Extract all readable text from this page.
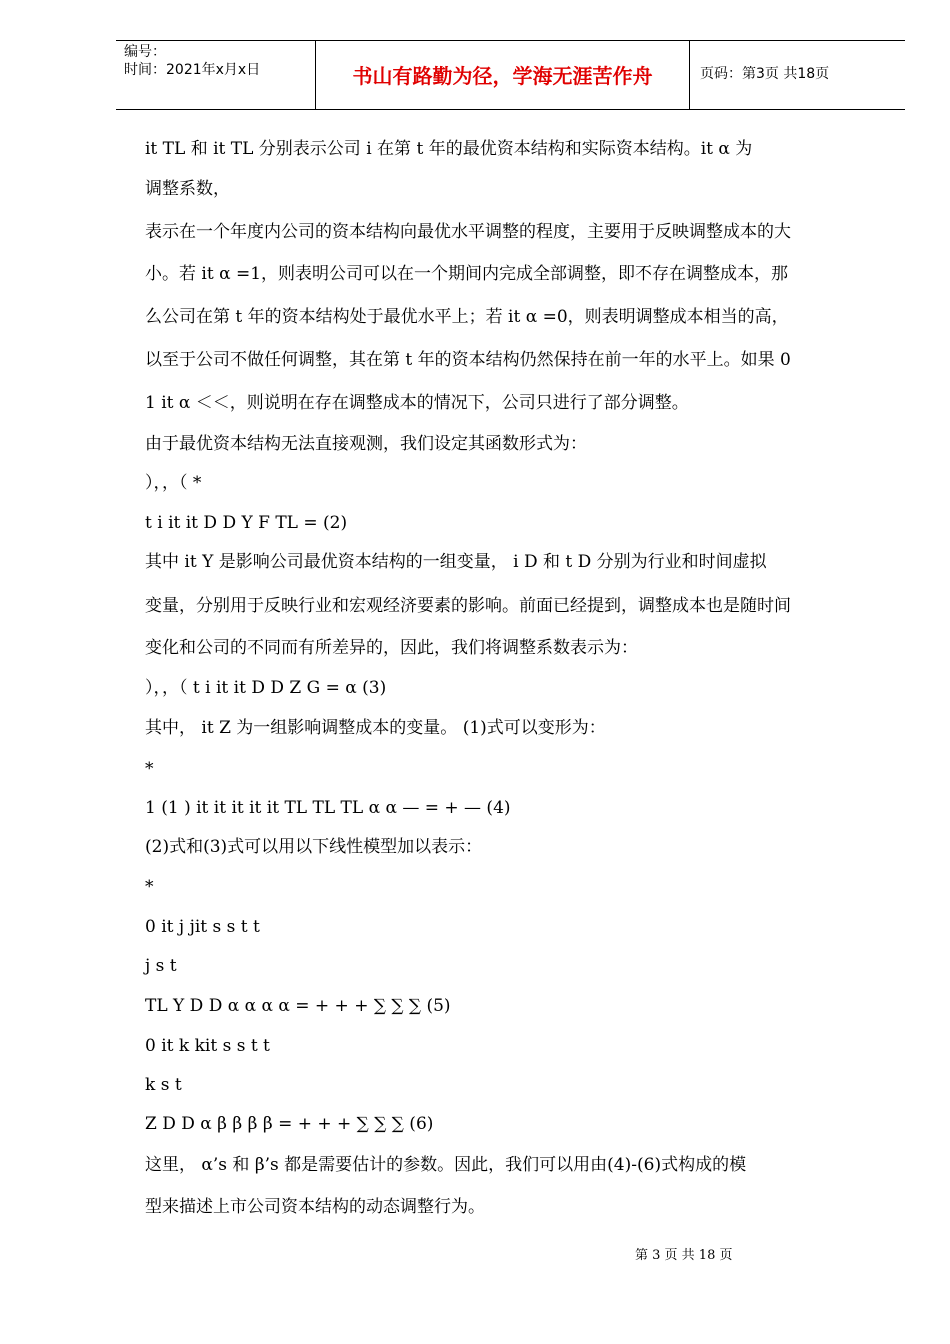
编号：
时间：2021年x月x日	书山有路勤为径，学海无涯苦作舟	页码：第3页 共18页
it TL 和 it TL 分别表示公司 i 在第 t 年的最优资本结构和实际资本结构。it α 为
调整系数，
表示在一个年度内公司的资本结构向最优水平调整的程度，主要用于反映调整成本的大
小。若 it α =1，则表明公司可以在一个期间内完成全部调整，即不存在调整成本，那
么公司在第 t 年的资本结构处于最优水平上；若 it α =0，则表明调整成本相当的高，
以至于公司不做任何调整，其在第 t 年的资本结构仍然保持在前一年的水平上。如果 0
1 it α ＜＜，则说明在存在调整成本的情况下，公司只进行了部分调整。
由于最优资本结构无法直接观测，我们设定其函数形式为：
），，（ *
t i it it D D Y F TL = (2)
其中 it Y 是影响公司最优资本结构的一组变量， i D 和 t D 分别为行业和时间虚拟
变量，分别用于反映行业和宏观经济要素的影响。前面已经提到，调整成本也是随时间
变化和公司的不同而有所差异的，因此，我们将调整系数表示为：
），，（ t i it it D D Z G = α (3)
其中， it Z 为一组影响调整成本的变量。 (1)式可以变形为：
*
1 (1 ) it it it it it TL TL TL α α — = + — (4)
(2)式和(3)式可以用以下线性模型加以表示：
*
0 it j jit s s t t
j s t
TL Y D D α α α α = + + + ∑ ∑ ∑ (5)
0 it k kit s s t t
k s t
Z D D α β β β β = + + + ∑ ∑ ∑ (6)
这里， α’s 和 β’s 都是需要估计的参数。因此，我们可以用由(4)-(6)式构成的模
型来描述上市公司资本结构的动态调整行为。
第 3 页 共 18 页
